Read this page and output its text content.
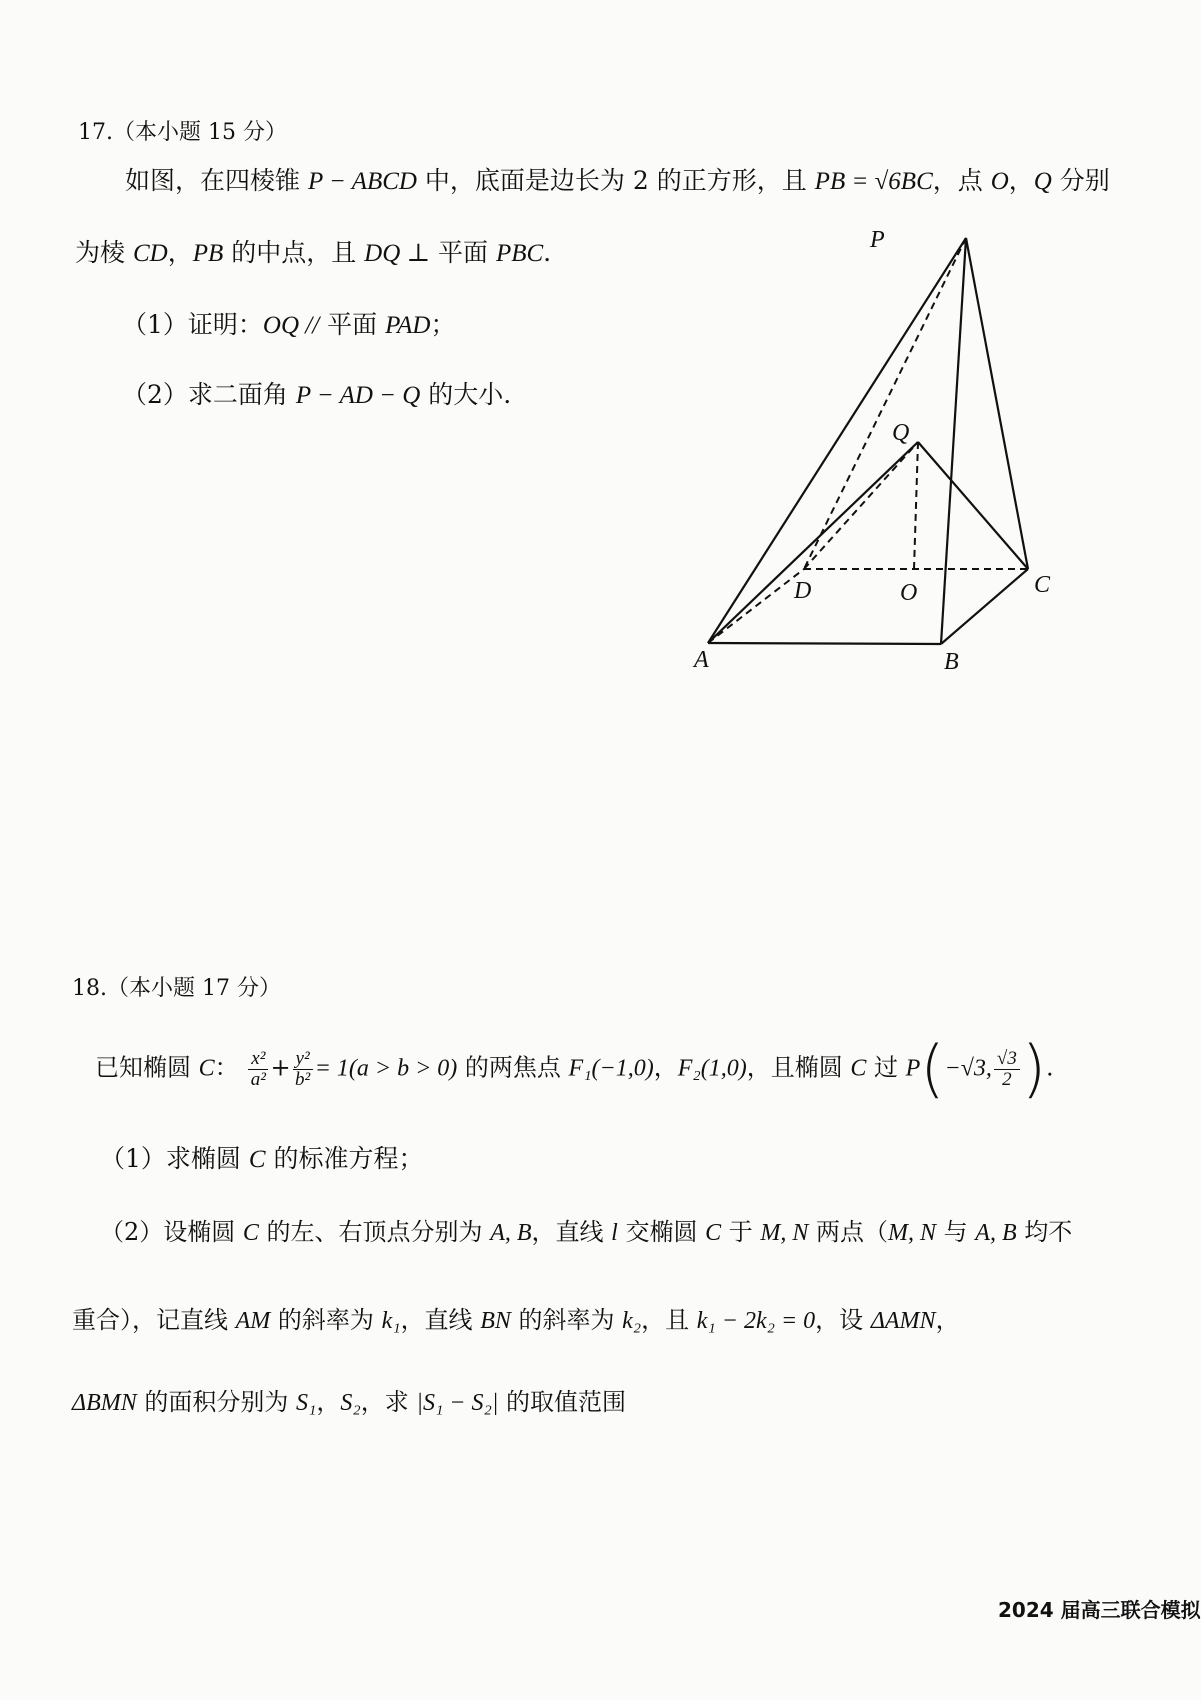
17.（本小题 15 分）
如图，在四棱锥 P − ABCD 中，底面是边长为 2 的正方形，且 PB = √6BC，点 O，Q 分别
为棱 CD，PB 的中点，且 DQ ⊥ 平面 PBC.
（1）证明：OQ // 平面 PAD；
（2）求二面角 P − AD − Q 的大小.
P
Q
D	O	C
A	B
18.（本小题 17 分）
已知椭圆 C： $\frac{\text{x²}}{\text{a²}} + \frac{\text{y²}}{\text{b²}} = 1(a > b > 0)$ 的两焦点 F₁(−1,0)，F₂(1,0)，且椭圆 C 过 P(−√3, $\frac{√3}{2}$ ).
（1）求椭圆 C 的标准方程；
（2）设椭圆 C 的左、右顶点分别为 A, B，直线 l 交椭圆 C 于 M, N 两点（M, N 与 A, B 均不
重合），记直线 AM 的斜率为 k₁，直线 BN 的斜率为 k₂，且 k₁ − 2k₂ = 0，设 ΔAMN，
ΔBMN 的面积分别为 S₁，S₂，求 |S₁ − S₂| 的取值范围
2024 届高三联合模拟
